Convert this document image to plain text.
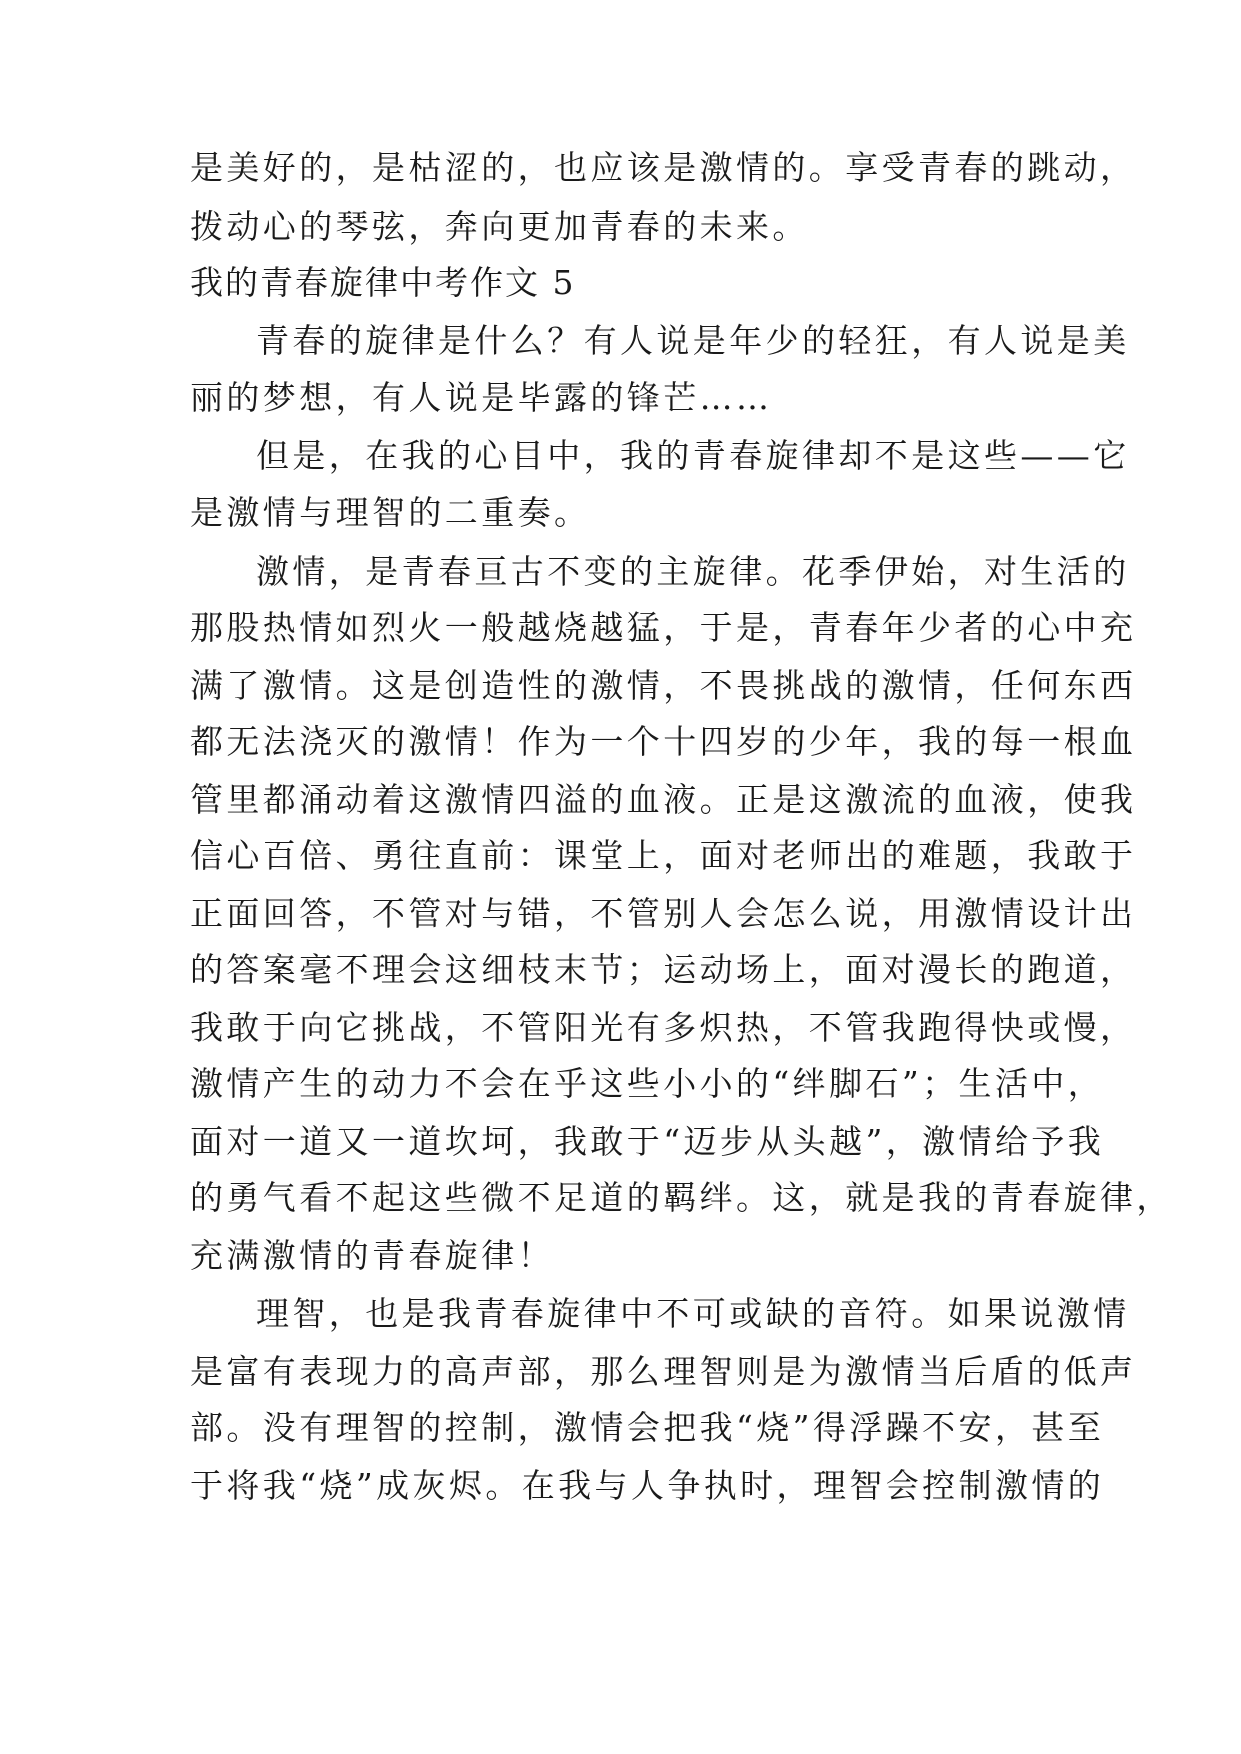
是美好的，是枯涩的，也应该是激情的。享受青春的跳动，
拨动心的琴弦，奔向更加青春的未来。
我的青春旋律中考作文 5
青春的旋律是什么？有人说是年少的轻狂，有人说是美
丽的梦想，有人说是毕露的锋芒……
但是，在我的心目中，我的青春旋律却不是这些——它
是激情与理智的二重奏。
激情，是青春亘古不变的主旋律。花季伊始，对生活的
那股热情如烈火一般越烧越猛，于是，青春年少者的心中充
满了激情。这是创造性的激情，不畏挑战的激情，任何东西
都无法浇灭的激情！作为一个十四岁的少年，我的每一根血
管里都涌动着这激情四溢的血液。正是这激流的血液，使我
信心百倍、勇往直前：课堂上，面对老师出的难题，我敢于
正面回答，不管对与错，不管别人会怎么说，用激情设计出
的答案毫不理会这细枝末节；运动场上，面对漫长的跑道，
我敢于向它挑战，不管阳光有多炽热，不管我跑得快或慢，
激情产生的动力不会在乎这些小小的“绊脚石”；生活中，
面对一道又一道坎坷，我敢于“迈步从头越”，激情给予我
的勇气看不起这些微不足道的羁绊。这，就是我的青春旋律，
充满激情的青春旋律！
理智，也是我青春旋律中不可或缺的音符。如果说激情
是富有表现力的高声部，那么理智则是为激情当后盾的低声
部。没有理智的控制，激情会把我“烧”得浮躁不安，甚至
于将我“烧”成灰烬。在我与人争执时，理智会控制激情的
